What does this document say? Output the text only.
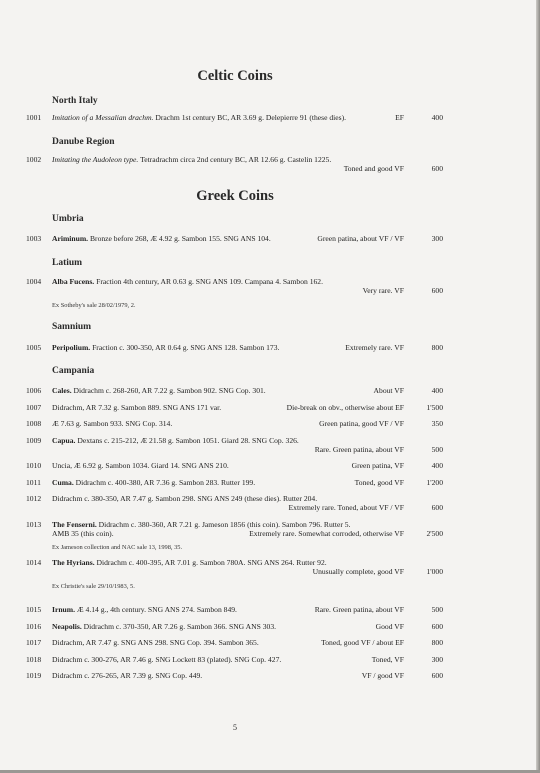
Celtic Coins
North Italy
1001 Imitation of a Messalian drachm. Drachm 1st century BC, AR 3.69 g. Delepierre 91 (these dies).	EF	400
Danube Region
1002 Imitating the Audoleon type. Tetradrachm circa 2nd century BC, AR 12.66 g. Castelin 1225.
Toned and good VF	600
Greek Coins
Umbria
1003 Ariminum. Bronze before 268, Æ 4.92 g. Sambon 155. SNG ANS 104.	Green patina, about VF / VF	300
Latium
1004 Alba Fucens. Fraction 4th century, AR 0.63 g. SNG ANS 109. Campana 4. Sambon 162.
Very rare. VF	600
Ex Sotheby's sale 28/02/1979, 2.
Samnium
1005 Peripolium. Fraction c. 300-350, AR 0.64 g. SNG ANS 128. Sambon 173.	Extremely rare. VF	800
Campania
1006 Cales. Didrachm c. 268-260, AR 7.22 g. Sambon 902. SNG Cop. 301.	About VF	400
1007 Didrachm, AR 7.32 g. Sambon 889. SNG ANS 171 var.	Die-break on obv., otherwise about EF	1'500
1008 Æ 7.63 g. Sambon 933. SNG Cop. 314.	Green patina, good VF / VF	350
1009 Capua. Dextans c. 215-212, Æ 21.58 g. Sambon 1051. Giard 28. SNG Cop. 326.
Rare. Green patina, about VF	500
1010 Uncia, Æ 6.92 g. Sambon 1034. Giard 14. SNG ANS 210.	Green patina, VF	400
1011 Cuma. Didrachm c. 400-380, AR 7.36 g. Sambon 283. Rutter 199.	Toned, good VF	1'200
1012 Didrachm c. 380-350, AR 7.47 g. Sambon 298. SNG ANS 249 (these dies). Rutter 204.
Extremely rare. Toned, about VF / VF	600
1013 The Fenserni. Didrachm c. 380-360, AR 7.21 g. Jameson 1856 (this coin). Sambon 796. Rutter 5.
AMB 35 (this coin).	Extremely rare. Somewhat corroded, otherwise VF	2'500
Ex Jameson collection and NAC sale 13, 1998, 35.
1014 The Hyrians. Didrachm c. 400-395, AR 7.01 g. Sambon 780A. SNG ANS 264. Rutter 92.
Unusually complete, good VF	1'000
Ex Christie's sale 29/10/1983, 5.
1015 Irnum. Æ 4.14 g., 4th century. SNG ANS 274. Sambon 849.	Rare. Green patina, about VF	500
1016 Neapolis. Didrachm c. 370-350, AR 7.26 g. Sambon 366. SNG ANS 303.	Good VF	600
1017 Didrachm, AR 7.47 g. SNG ANS 298. SNG Cop. 394. Sambon 365.	Toned, good VF / about EF	800
1018 Didrachm c. 300-276, AR 7.46 g. SNG Lockett 83 (plated). SNG Cop. 427.	Toned, VF	300
1019 Didrachm c. 276-265, AR 7.39 g. SNG Cop. 449.	VF / good VF	600
5
